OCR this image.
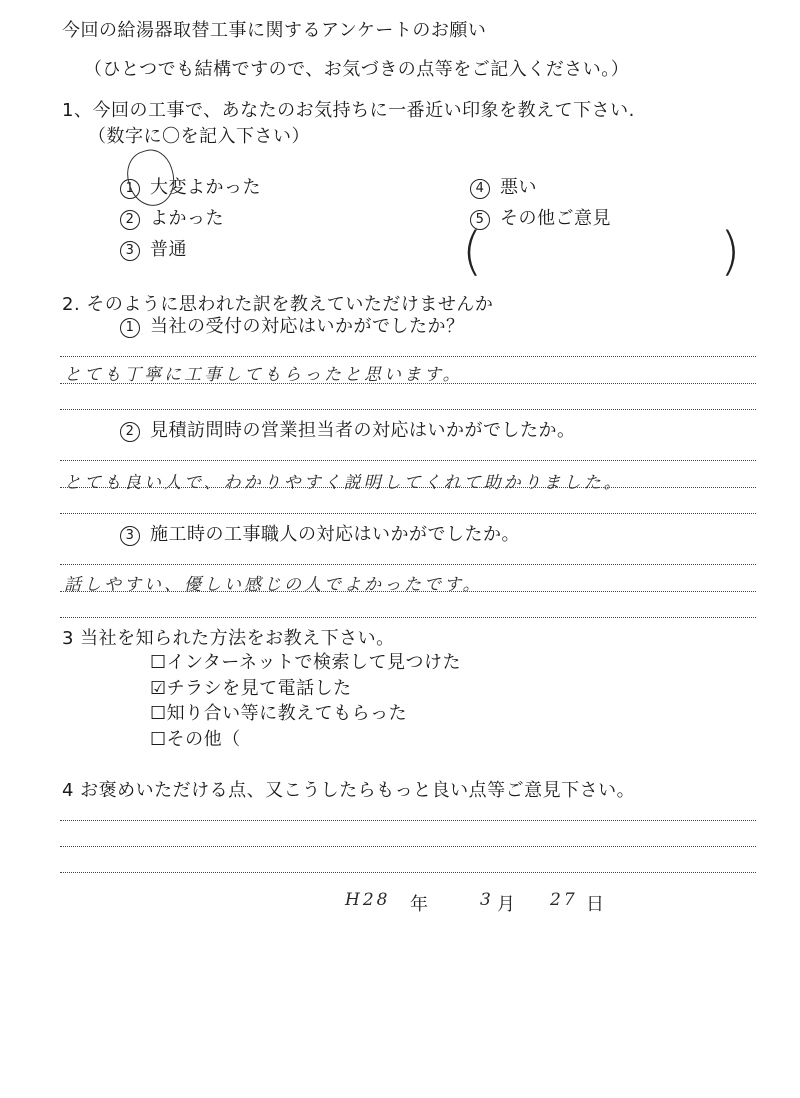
今回の給湯器取替工事に関するアンケートのお願い
（ひとつでも結構ですので、お気づきの点等をご記入ください。）
1、今回の工事で、あなたのお気持ちに一番近い印象を教えて下さい.
（数字に〇を記入下さい）
1 大変よかった
2 よかった
3 普通
4 悪い
5 その他ご意見
(	)
2. そのように思われた訳を教えていただけませんか
1 当社の受付の対応はいかがでしたか？
とても丁寧に工事してもらったと思います。
2 見積訪問時の営業担当者の対応はいかがでしたか。
とても良い人で、わかりやすく説明してくれて助かりました。
3 施工時の工事職人の対応はいかがでしたか。
話しやすい、優しい感じの人でよかったです。
3 当社を知られた方法をお教え下さい。
☐インターネットで検索して見つけた
☑チラシを見て電話した
☐知り合い等に教えてもらった
☐その他（
4 お褒めいただける点、又こうしたらもっと良い点等ご意見下さい。
H28 年	3 月 27 日
